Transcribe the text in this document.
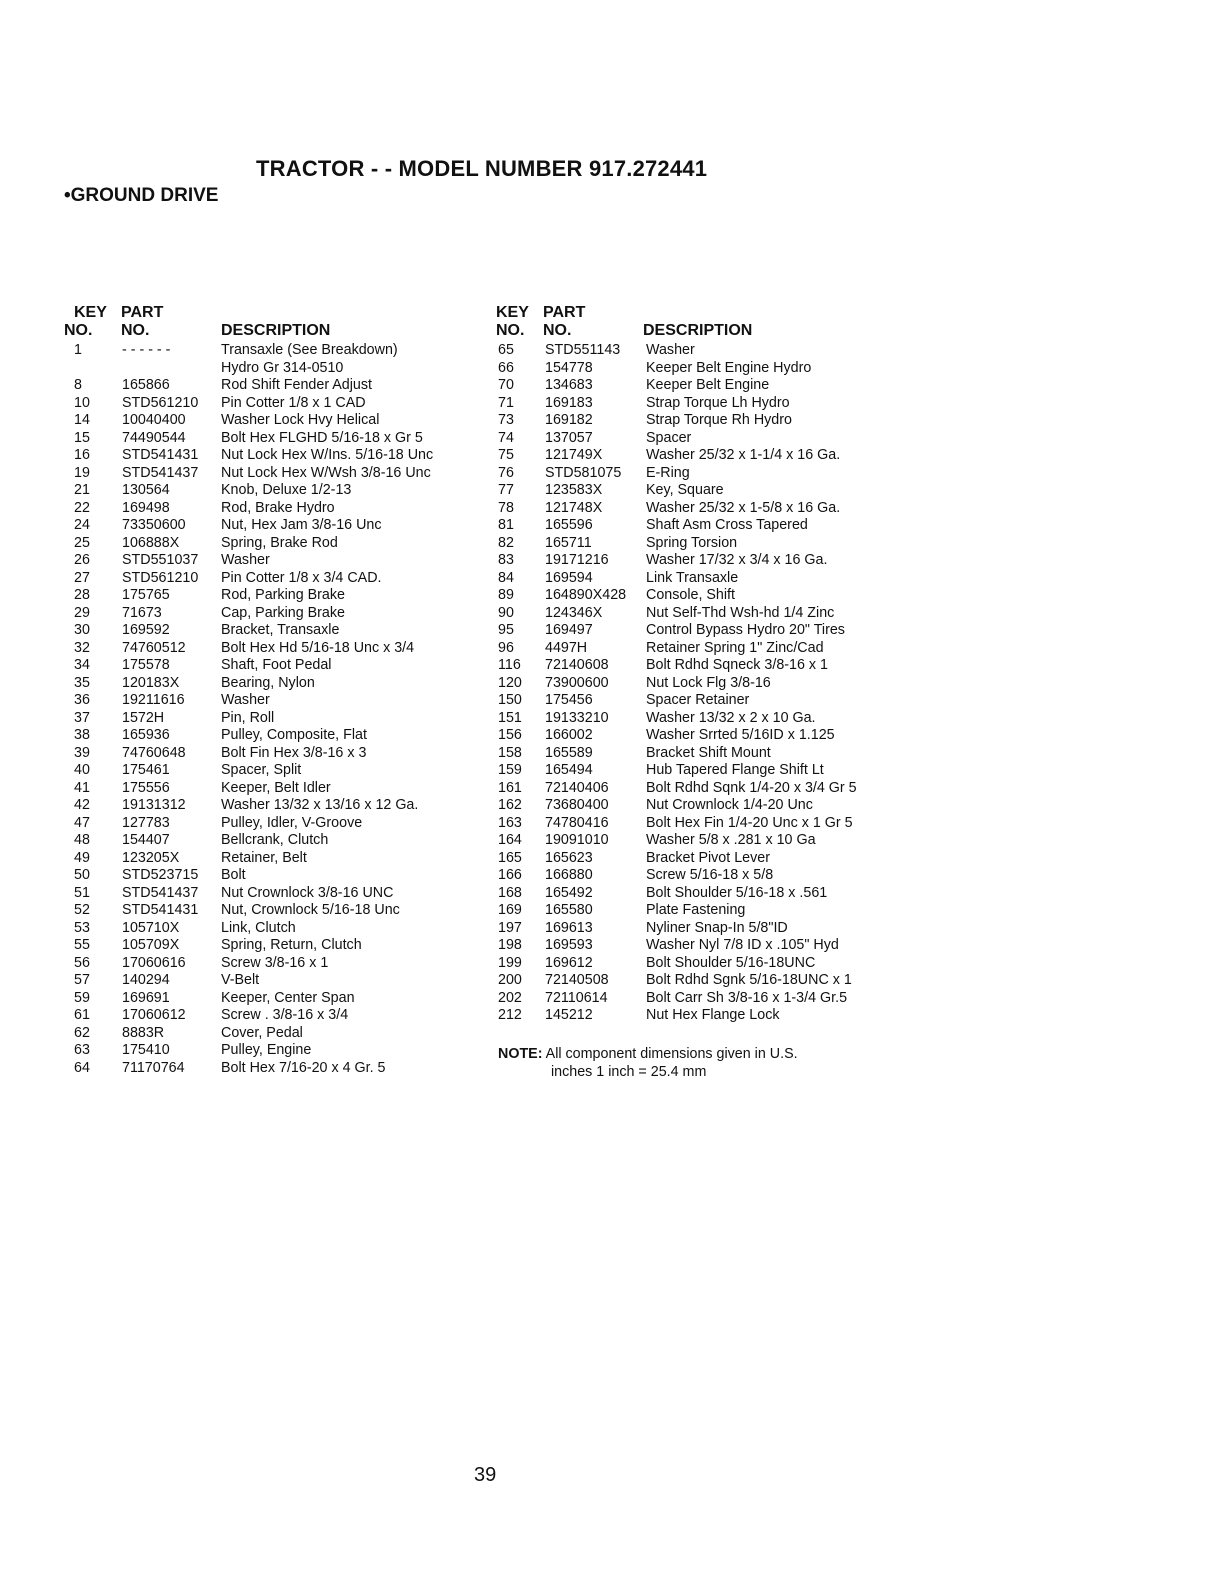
TRACTOR - - MODEL NUMBER 917.272441
•GROUND DRIVE
KEY PART
NO. NO.	DESCRIPTION
1	- - - - - -	Transaxle (See Breakdown)
Hydro Gr 314-0510
8	165866	Rod Shift Fender Adjust
10 STD561210 Pin Cotter 1/8 x 1 CAD
14 10040400 Washer Lock Hvy Helical
15 74490544 Bolt Hex FLGHD 5/16-18 x Gr 5
16 STD541431 Nut Lock Hex W/Ins. 5/16-18 Unc
19 STD541437 Nut Lock Hex W/Wsh 3/8-16 Unc
21 130564	Knob, Deluxe 1/2-13
22 169498	Rod, Brake Hydro
24 73350600 Nut, Hex Jam 3/8-16 Unc
25 106888X	Spring, Brake Rod
26 STD551037 Washer
27 STD561210 Pin Cotter 1/8 x 3/4 CAD.
28 175765	Rod, Parking Brake
29 71673	Cap, Parking Brake
30 169592	Bracket, Transaxle
32 74760512 Bolt Hex Hd 5/16-18 Unc x 3/4
34 175578	Shaft, Foot Pedal
35 120183X	Bearing, Nylon
36 19211616	Washer
37 1572H	Pin, Roll
38 165936	Pulley, Composite, Flat
39 74760648 Bolt Fin Hex 3/8-16 x 3
40 175461	Spacer, Split
41 175556	Keeper, Belt Idler
42 19131312 Washer 13/32 x 13/16 x 12 Ga.
47 127783	Pulley, Idler, V-Groove
48 154407	Bellcrank, Clutch
49 123205X	Retainer, Belt
50 STD523715 Bolt
51 STD541437 Nut Crownlock 3/8-16 UNC
52 STD541431 Nut, Crownlock 5/16-18 Unc
53 105710X	Link, Clutch
55 105709X	Spring, Return, Clutch
56 17060616 Screw 3/8-16 x 1
57 140294	V-Belt
59 169691	Keeper, Center Span
61 17060612 Screw . 3/8-16 x 3/4
62 8883R	Cover, Pedal
63 175410	Pulley, Engine
64 71170764	Bolt Hex 7/16-20 x 4 Gr. 5
KEY PART
NO. NO.	DESCRIPTION
65 STD551143 Washer
66 154778	Keeper Belt Engine Hydro
70 134683	Keeper Belt Engine
71 169183	Strap Torque Lh Hydro
73 169182	Strap Torque Rh Hydro
74 137057	Spacer
75 121749X	Washer 25/32 x 1-1/4 x 16 Ga.
76 STD581075 E-Ring
77 123583X	Key, Square
78 121748X	Washer 25/32 x 1-5/8 x 16 Ga.
81 165596	Shaft Asm Cross Tapered
82 165711	Spring Torsion
83 19171216	Washer 17/32 x 3/4 x 16 Ga.
84 169594	Link Transaxle
89 164890X428 Console, Shift
90 124346X	Nut Self-Thd Wsh-hd 1/4 Zinc
95 169497	Control Bypass Hydro 20" Tires
96 4497H	Retainer Spring 1" Zinc/Cad
116 72140608	Bolt Rdhd Sqneck 3/8-16 x 1
120 73900600	Nut Lock Flg 3/8-16
150 175456	Spacer Retainer
151 19133210	Washer 13/32 x 2 x 10 Ga.
156 166002	Washer Srrted 5/16ID x 1.125
158 165589	Bracket Shift Mount
159 165494	Hub Tapered Flange Shift Lt
161 72140406	Bolt Rdhd Sqnk 1/4-20 x 3/4 Gr 5
162 73680400	Nut Crownlock 1/4-20 Unc
163 74780416	Bolt Hex Fin 1/4-20 Unc x 1 Gr 5
164 19091010	Washer 5/8 x .281 x 10 Ga
165 165623	Bracket Pivot Lever
166 166880	Screw 5/16-18 x 5/8
168 165492	Bolt Shoulder 5/16-18 x .561
169 165580	Plate Fastening
197 169613	Nyliner Snap-In 5/8"ID
198 169593	Washer Nyl 7/8 ID x .105" Hyd
199 169612	Bolt Shoulder 5/16-18UNC
200 72140508	Bolt Rdhd Sgnk 5/16-18UNC x 1
202 72110614	Bolt Carr Sh 3/8-16 x 1-3/4 Gr.5
212 145212	Nut Hex Flange Lock
NOTE: All component dimensions given in U.S.
inches 1 inch = 25.4 mm
39
